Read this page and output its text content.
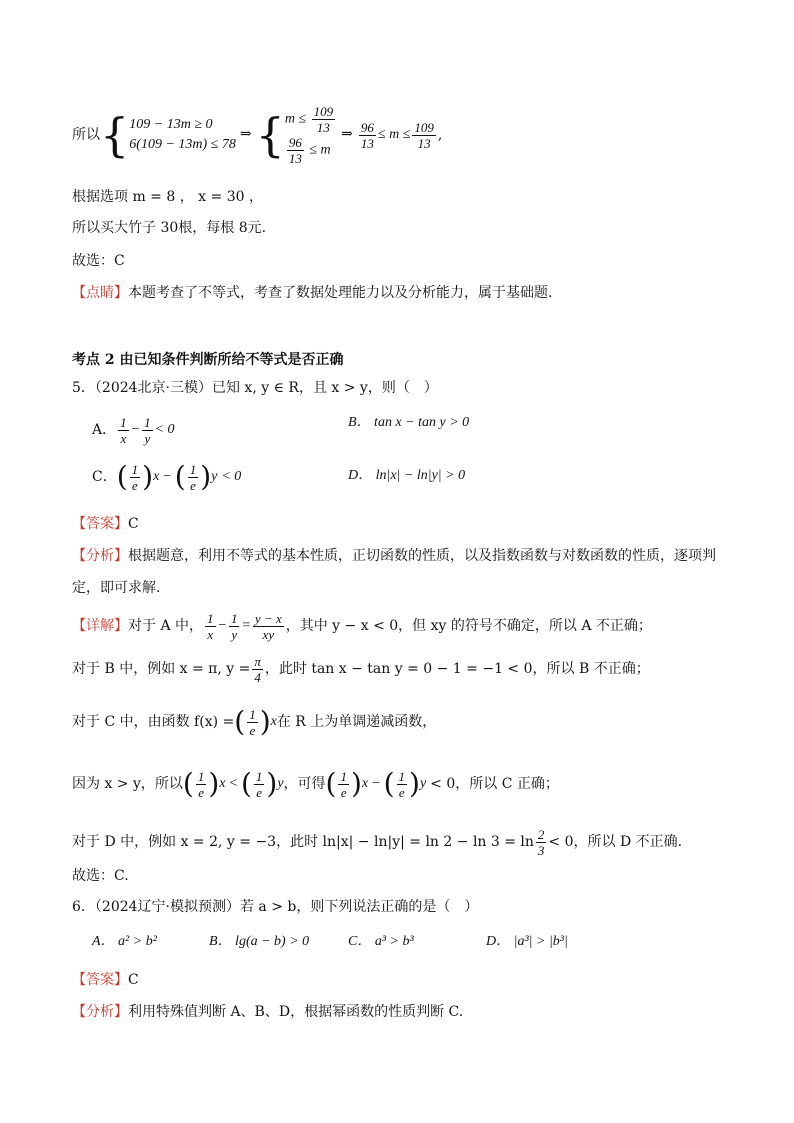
所以 { 109 − 13m ≥ 0
6(109 − 13m) ≤ 78
⇒ { $m \le \frac{109}{13}$
$\frac{96}{13} \le m$
⇒ $\frac{96}{13} \le m \le \frac{109}{13}$ ,
根据选项 m = 8 ， x = 30 ，
所以买大竹子 30根，每根 8元.
故选：C
【点睛】本题考查了不等式，考查了数据处理能力以及分析能力，属于基础题.
考点 2 由已知条件判断所给不等式是否正确
5．（2024北京·三模）已知 x, y ∈ R，且 x > y，则（　）
A． $\frac{1}{x} - \frac{1}{y} < 0$	B． tan x − tan y > 0
C． ( $\frac{1}{e}$ ) x − ( $\frac{1}{e}$ ) y < 0	D． ln|x| − ln|y| > 0
【答案】C
【分析】根据题意，利用不等式的基本性质，正切函数的性质，以及指数函数与对数函数的性质，逐项判
定，即可求解.
【详解】 对于 A 中， $\frac{1}{x} - \frac{1}{y} = \frac{y - x}{xy}$ ，其中 y − x < 0，但 xy 的符号不确定，所以 A 不正确；
对于 B 中，例如 x = π, $y = \frac{\pi}{4}$ ，此时 tan x − tan y = 0 − 1 = −1 < 0，所以 B 不正确；
对于 C 中，由函数 f(x) = ( $\frac{1}{e}$ ) x 在 R 上为单调递减函数，
因为 x > y，所以 ( $\frac{1}{e}$ ) x < ( $\frac{1}{e}$ ) y ，可得 ( $\frac{1}{e}$ ) x − ( $\frac{1}{e}$ ) y < 0，所以 C 正确；
对于 D 中，例如 x = 2, y = −3，此时 $\ln|x| - \ln|y| = \ln 2 - \ln 3 = \ln \frac{2}{3} < 0$，所以 D 不正确.
故选：C.
6．（2024辽宁·模拟预测）若 a > b，则下列说法正确的是（　）
A． a² > b²	B． lg(a − b) > 0	C． a³ > b³	D． |a³| > |b³|
【答案】C
【分析】利用特殊值判断 A、B、D，根据幂函数的性质判断 C.
